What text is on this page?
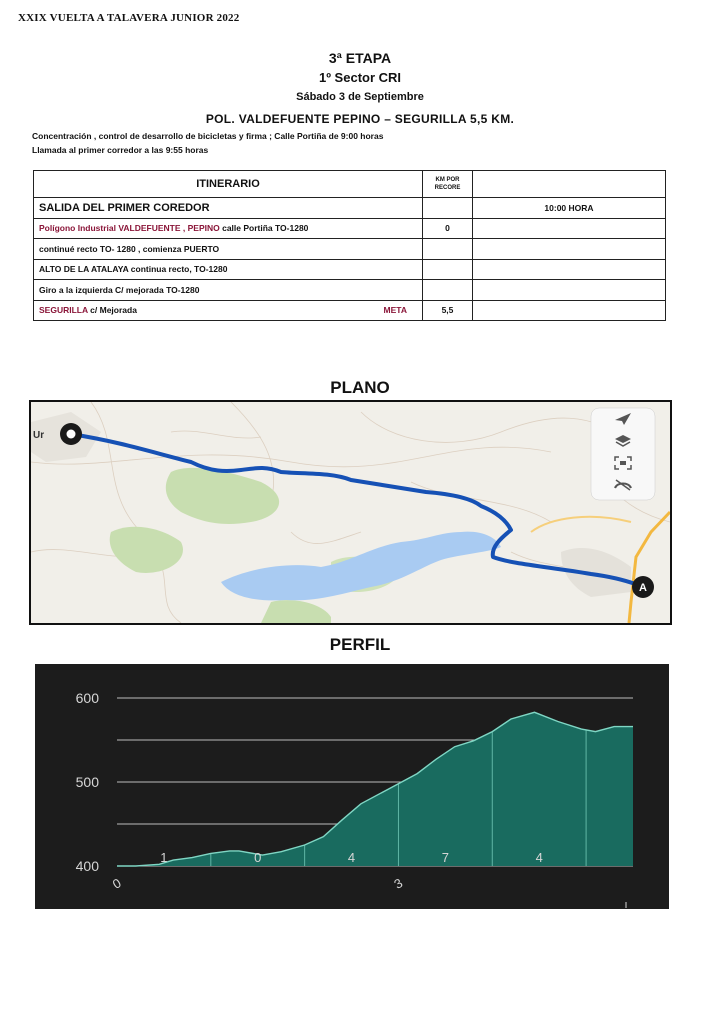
XXIX VUELTA A TALAVERA JUNIOR 2022
3ª ETAPA
1º Sector CRI
Sábado 3 de Septiembre
POL. VALDEFUENTE PEPINO – SEGURILLA 5,5 KM.
Concentración , control de desarrollo de bicicletas y firma ; Calle Portiña de 9:00 horas
Llamada al primer corredor a las 9:55 horas
ITINERARIO	KM POR
RECORE	
SALIDA DEL PRIMER COREDOR		10:00 HORA
Polígono Industrial VALDEFUENTE , PEPINO calle Portiña TO-1280	0	
continué recto TO- 1280 , comienza PUERTO		
ALTO DE LA ATALAYA continua recto, TO-1280		
Giro a la izquierda C/ mejorada TO-1280		
SEGURILLA c/ Mejorada META	5,5	
PLANO
Ur
A
PERFIL
400
500
600
0	3
1	0	4	7	4
